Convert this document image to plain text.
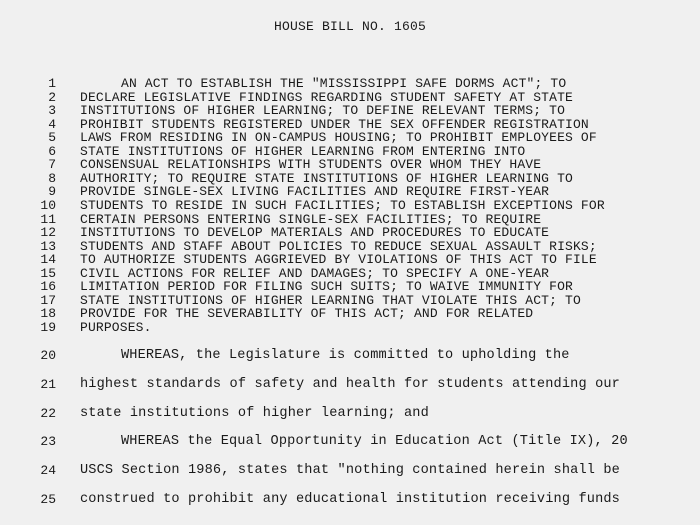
HOUSE BILL NO. 1605
1	AN ACT TO ESTABLISH THE "MISSISSIPPI SAFE DORMS ACT"; TO
2 DECLARE LEGISLATIVE FINDINGS REGARDING STUDENT SAFETY AT STATE
3 INSTITUTIONS OF HIGHER LEARNING; TO DEFINE RELEVANT TERMS; TO
4 PROHIBIT STUDENTS REGISTERED UNDER THE SEX OFFENDER REGISTRATION
5 LAWS FROM RESIDING IN ON-CAMPUS HOUSING; TO PROHIBIT EMPLOYEES OF
6 STATE INSTITUTIONS OF HIGHER LEARNING FROM ENTERING INTO
7 CONSENSUAL RELATIONSHIPS WITH STUDENTS OVER WHOM THEY HAVE
8 AUTHORITY; TO REQUIRE STATE INSTITUTIONS OF HIGHER LEARNING TO
9 PROVIDE SINGLE-SEX LIVING FACILITIES AND REQUIRE FIRST-YEAR
10 STUDENTS TO RESIDE IN SUCH FACILITIES; TO ESTABLISH EXCEPTIONS FOR
11 CERTAIN PERSONS ENTERING SINGLE-SEX FACILITIES; TO REQUIRE
12 INSTITUTIONS TO DEVELOP MATERIALS AND PROCEDURES TO EDUCATE
13 STUDENTS AND STAFF ABOUT POLICIES TO REDUCE SEXUAL ASSAULT RISKS;
14 TO AUTHORIZE STUDENTS AGGRIEVED BY VIOLATIONS OF THIS ACT TO FILE
15 CIVIL ACTIONS FOR RELIEF AND DAMAGES; TO SPECIFY A ONE-YEAR
16 LIMITATION PERIOD FOR FILING SUCH SUITS; TO WAIVE IMMUNITY FOR
17 STATE INSTITUTIONS OF HIGHER LEARNING THAT VIOLATE THIS ACT; TO
18 PROVIDE FOR THE SEVERABILITY OF THIS ACT; AND FOR RELATED
19 PURPOSES.
20	WHEREAS, the Legislature is committed to upholding the
21 highest standards of safety and health for students attending our
22 state institutions of higher learning; and
23	WHEREAS the Equal Opportunity in Education Act (Title IX), 20
24 USCS Section 1986, states that "nothing contained herein shall be
25 construed to prohibit any educational institution receiving funds
